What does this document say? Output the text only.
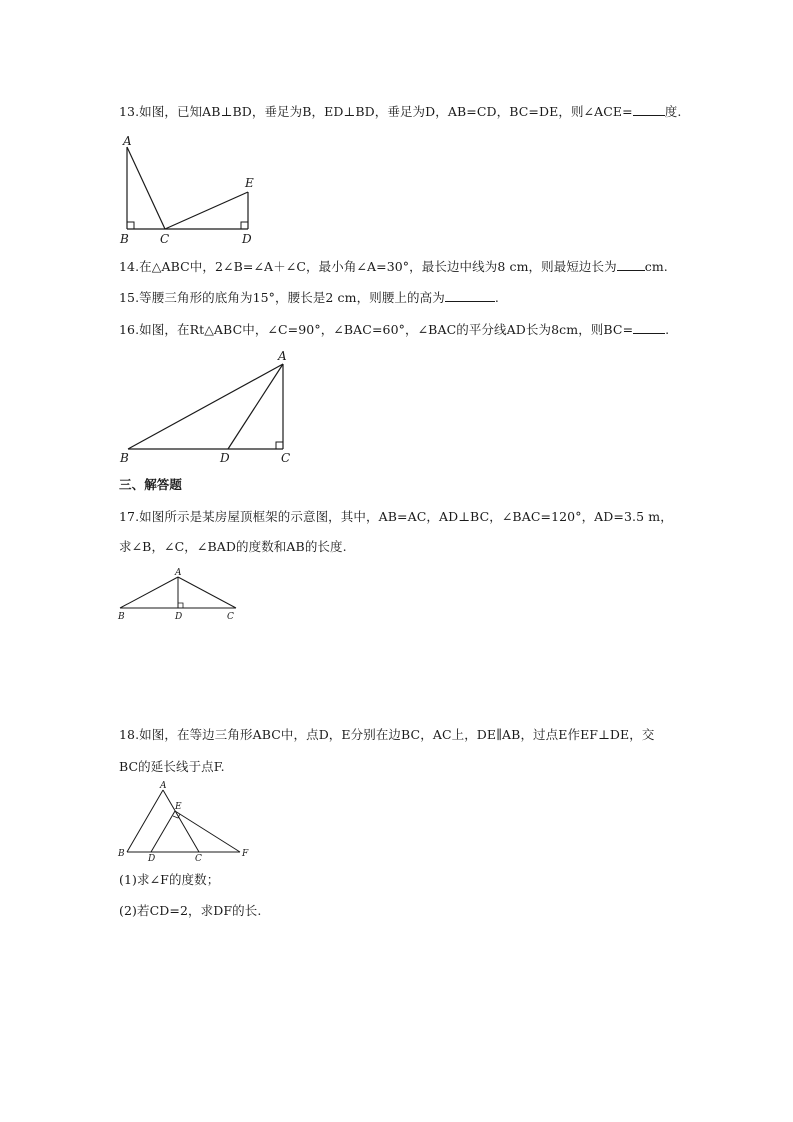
13.如图，已知AB⊥BD，垂足为B，ED⊥BD，垂足为D，AB=CD，BC=DE，则∠ACE=	度.
A
B	C	D
E
14.在△ABC中，2∠B=∠A＋∠C，最小角∠A=30°，最长边中线为8 cm，则最短边长为 cm.
15.等腰三角形的底角为15°，腰长是2 cm，则腰上的高为	.
16.如图，在Rt△ABC中，∠C=90°，∠BAC=60°，∠BAC的平分线AD长为8cm，则BC=	.
A
B	D	C
三、解答题
17.如图所示是某房屋顶框架的示意图，其中，AB=AC，AD⊥BC，∠BAC=120°，AD=3.5 m，
求∠B，∠C，∠BAD的度数和AB的长度.
A
B	D	C
18.如图，在等边三角形ABC中，点D，E分别在边BC，AC上，DE∥AB，过点E作EF⊥DE，交
BC的延长线于点F.
A
E
B	D	C	F
(1)求∠F的度数；
(2)若CD=2，求DF的长.
